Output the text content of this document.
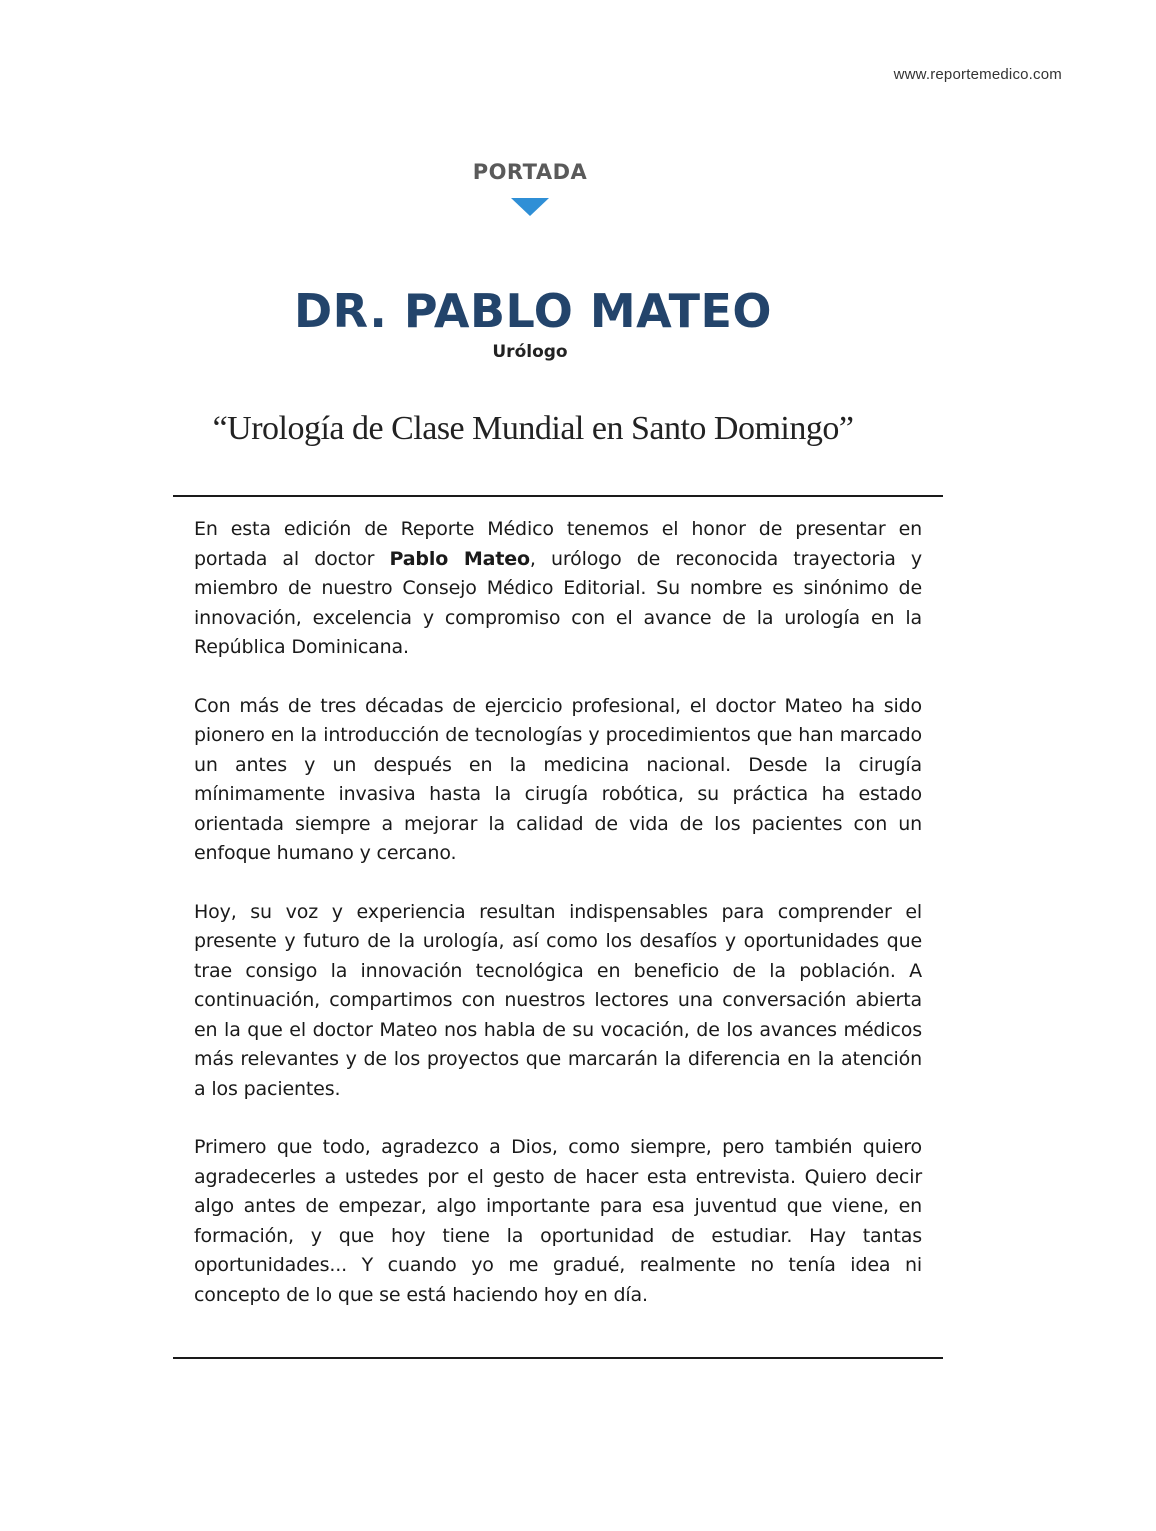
www.reportemedico.com
PORTADA
DR. PABLO MATEO
Urólogo
“Urología de Clase Mundial en Santo Domingo”

En esta edición de Reporte Médico tenemos el honor de presentar en portada al doctor Pablo Mateo, urólogo de reconocida trayectoria y miembro de nuestro Consejo Médico Editorial. Su nombre es sinónimo de innovación, excelencia y compromiso con el avance de la urología en la República Dominicana.

Con más de tres décadas de ejercicio profesional, el doctor Mateo ha sido pionero en la introducción de tecnologías y procedimientos que han marcado un antes y un después en la medicina nacional. Desde la cirugía mínimamente invasiva hasta la cirugía robótica, su práctica ha estado orientada siempre a mejorar la calidad de vida de los pacientes con un enfoque humano y cercano.

Hoy, su voz y experiencia resultan indispensables para comprender el presente y futuro de la urología, así como los desafíos y oportunidades que trae consigo la innovación tecnológica en beneficio de la población. A continuación, compartimos con nuestros lectores una conversación abierta en la que el doctor Mateo nos habla de su vocación, de los avances médicos más relevantes y de los proyectos que marcarán la diferencia en la atención a los pacientes.

Primero que todo, agradezco a Dios, como siempre, pero también quiero agradecerles a ustedes por el gesto de hacer esta entrevista. Quiero decir algo antes de empezar, algo importante para esa juventud que viene, en formación, y que hoy tiene la oportunidad de estudiar. Hay tantas oportunidades... Y cuando yo me gradué, realmente no tenía idea ni concepto de lo que se está haciendo hoy en día.
